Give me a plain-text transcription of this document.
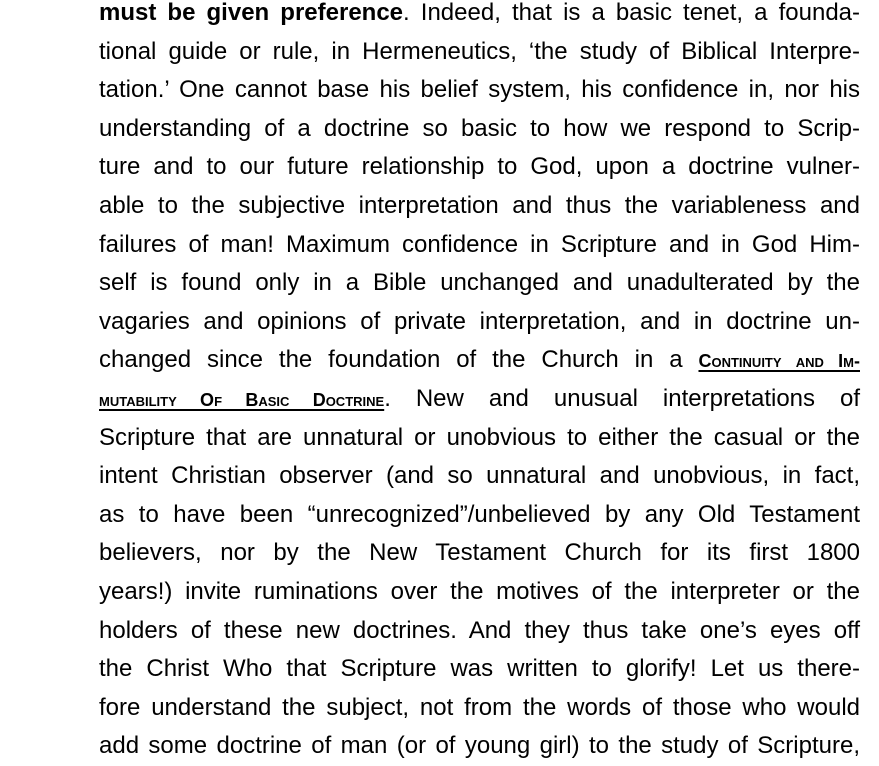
must be given preference. Indeed, that is a basic tenet, a founda-
tional guide or rule, in Hermeneutics, ‘the study of Biblical Interpre-
tation.’ One cannot base his belief system, his confidence in, nor his
understanding of a doctrine so basic to how we respond to Scrip-
ture and to our future relationship to God, upon a doctrine vulner-
able to the subjective interpretation and thus the variableness and
failures of man! Maximum confidence in Scripture and in God Him-
self is found only in a Bible unchanged and unadulterated by the
vagaries and opinions of private interpretation, and in doctrine un-
changed since the foundation of the Church in a Continuity and Im-
mutability Of Basic Doctrine. New and unusual interpretations of
Scripture that are unnatural or unobvious to either the casual or the
intent Christian observer (and so unnatural and unobvious, in fact,
as to have been “unrecognized”/unbelieved by any Old Testament
believers, nor by the New Testament Church for its first 1800
years!) invite ruminations over the motives of the interpreter or the
holders of these new doctrines. And they thus take one’s eyes off
the Christ Who that Scripture was written to glorify! Let us there-
fore understand the subject, not from the words of those who would
add some doctrine of man (or of young girl) to the study of Scripture,
